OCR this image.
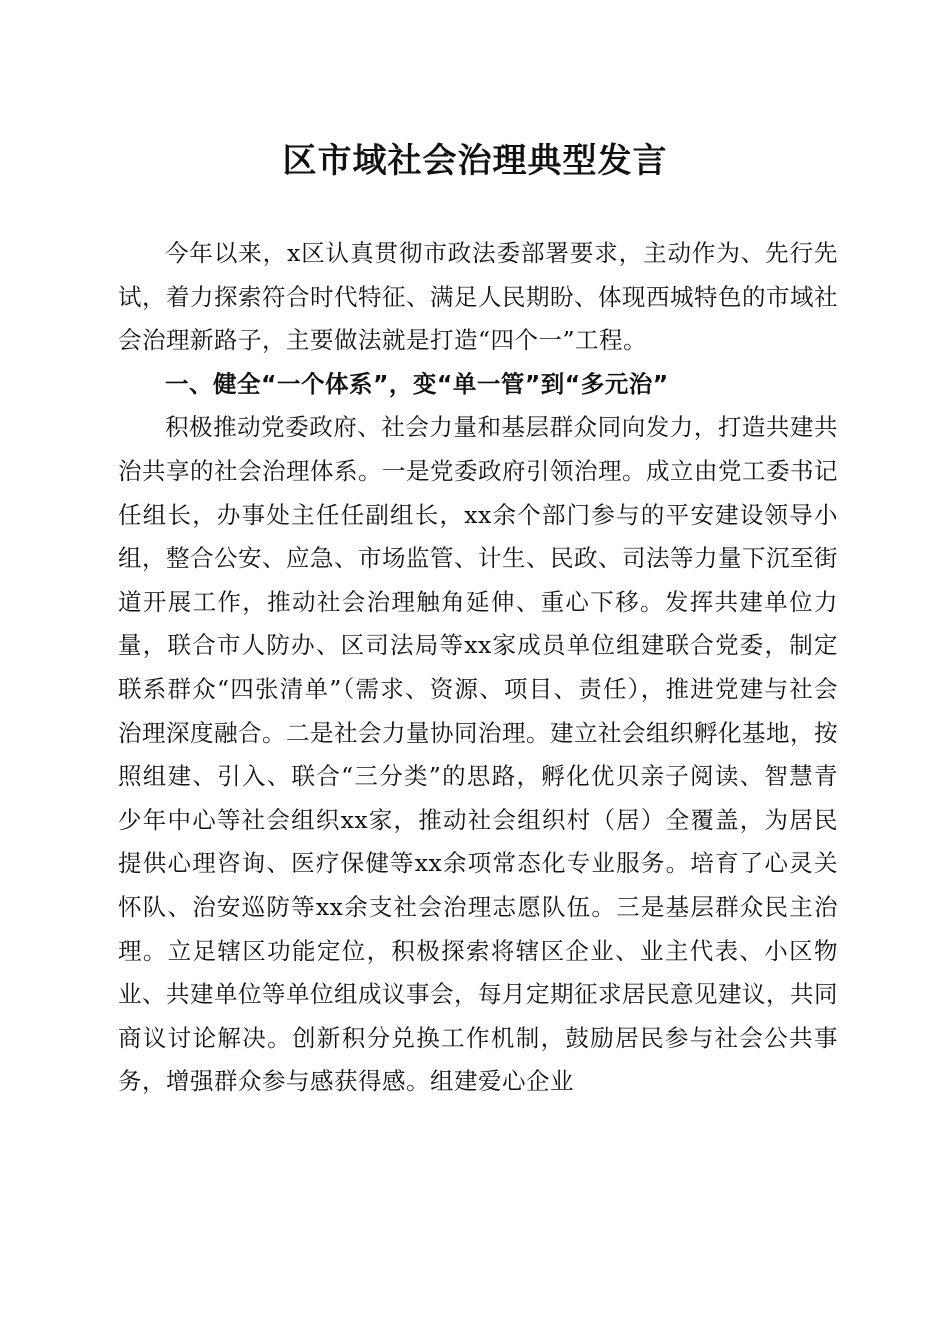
区市域社会治理典型发言

今年以来，x区认真贯彻市政法委部署要求，主动作为、先行先试，着力探索符合时代特征、满足人民期盼、体现西城特色的市域社会治理新路子，主要做法就是打造“四个一”工程。

一、健全“一个体系”，变“单一管”到“多元治”

积极推动党委政府、社会力量和基层群众同向发力，打造共建共治共享的社会治理体系。一是党委政府引领治理。成立由党工委书记任组长，办事处主任任副组长，xx余个部门参与的平安建设领导小组，整合公安、应急、市场监管、计生、民政、司法等力量下沉至街道开展工作，推动社会治理触角延伸、重心下移。发挥共建单位力量，联合市人防办、区司法局等xx家成员单位组建联合党委，制定联系群众“四张清单”（需求、资源、项目、责任），推进党建与社会治理深度融合。二是社会力量协同治理。建立社会组织孵化基地，按照组建、引入、联合“三分类”的思路，孵化优贝亲子阅读、智慧青少年中心等社会组织xx家，推动社会组织村（居）全覆盖，为居民提供心理咨询、医疗保健等xx余项常态化专业服务。培育了心灵关怀队、治安巡防等xx余支社会治理志愿队伍。三是基层群众民主治理。立足辖区功能定位，积极探索将辖区企业、业主代表、小区物业、共建单位等单位组成议事会，每月定期征求居民意见建议，共同商议讨论解决。创新积分兑换工作机制，鼓励居民参与社会公共事务，增强群众参与感获得感。组建爱心企业
